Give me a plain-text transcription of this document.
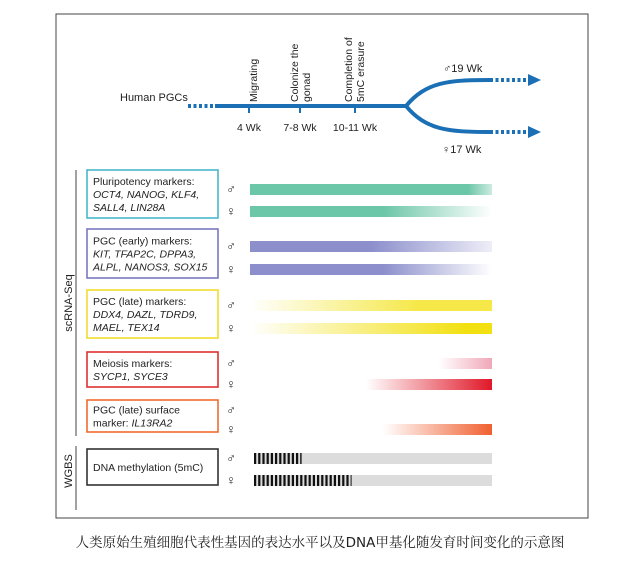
Human PGCs
4 Wk 7-8 Wk 10-11 Wk
Migrating	Colonize the gonad	Completion of 5mC erasure	♂19 Wk
♀17 Wk
scRNA-Seq
WGBS
Pluripotency markers:
OCT4, NANOG, KLF4,
SALL4, LIN28A
♂
♀
PGC (early) markers:
KIT, TFAP2C, DPPA3,
ALPL, NANOS3, SOX15
♂
♀
PGC (late) markers:
DDX4, DAZL, TDRD9,
MAEL, TEX14
♂
♀
Meiosis markers:
SYCP1, SYCE3
♂
♀
PGC (late) surface
marker: IL13RA2
♂
♀
DNA methylation (5mC)
♂
♀
人类原始生殖细胞代表性基因的表达水平以及DNA甲基化随发育时间变化的示意图
